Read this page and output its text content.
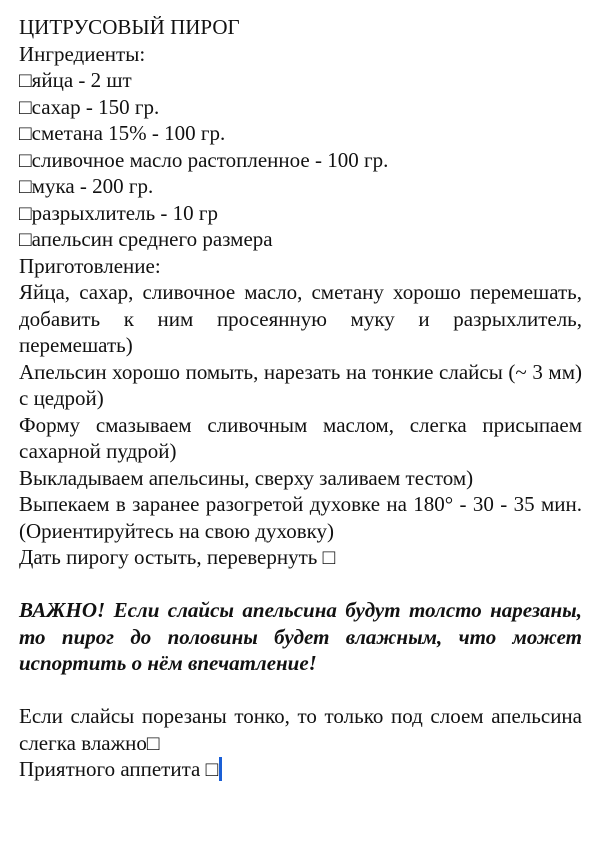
ЦИТРУСОВЫЙ ПИРОГ
Ингредиенты:
□яйца - 2 шт
□сахар - 150 гр.
□сметана 15% - 100 гр.
□сливочное масло растопленное - 100 гр.
□мука - 200 гр.
□разрыхлитель - 10 гр
□апельсин среднего размера
Приготовление:
Яйца, сахар, сливочное масло, сметану хорошо перемешать, добавить к ним просеянную муку и разрыхлитель, перемешать)
Апельсин хорошо помыть, нарезать на тонкие слайсы (~ 3 мм) с цедрой)
Форму смазываем сливочным маслом, слегка присыпаем сахарной пудрой)
Выкладываем апельсины, сверху заливаем тестом)
Выпекаем в заранее разогретой духовке на 180° - 30 - 35 мин. (Ориентируйтесь на свою духовку)
Дать пирогу остыть, перевернуть □
ВАЖНО! Если слайсы апельсина будут толсто нарезаны, то пирог до половины будет влажным, что может испортить о нём впечатление!
Если слайсы порезаны тонко, то только под слоем апельсина слегка влажно□
Приятного аппетита □
